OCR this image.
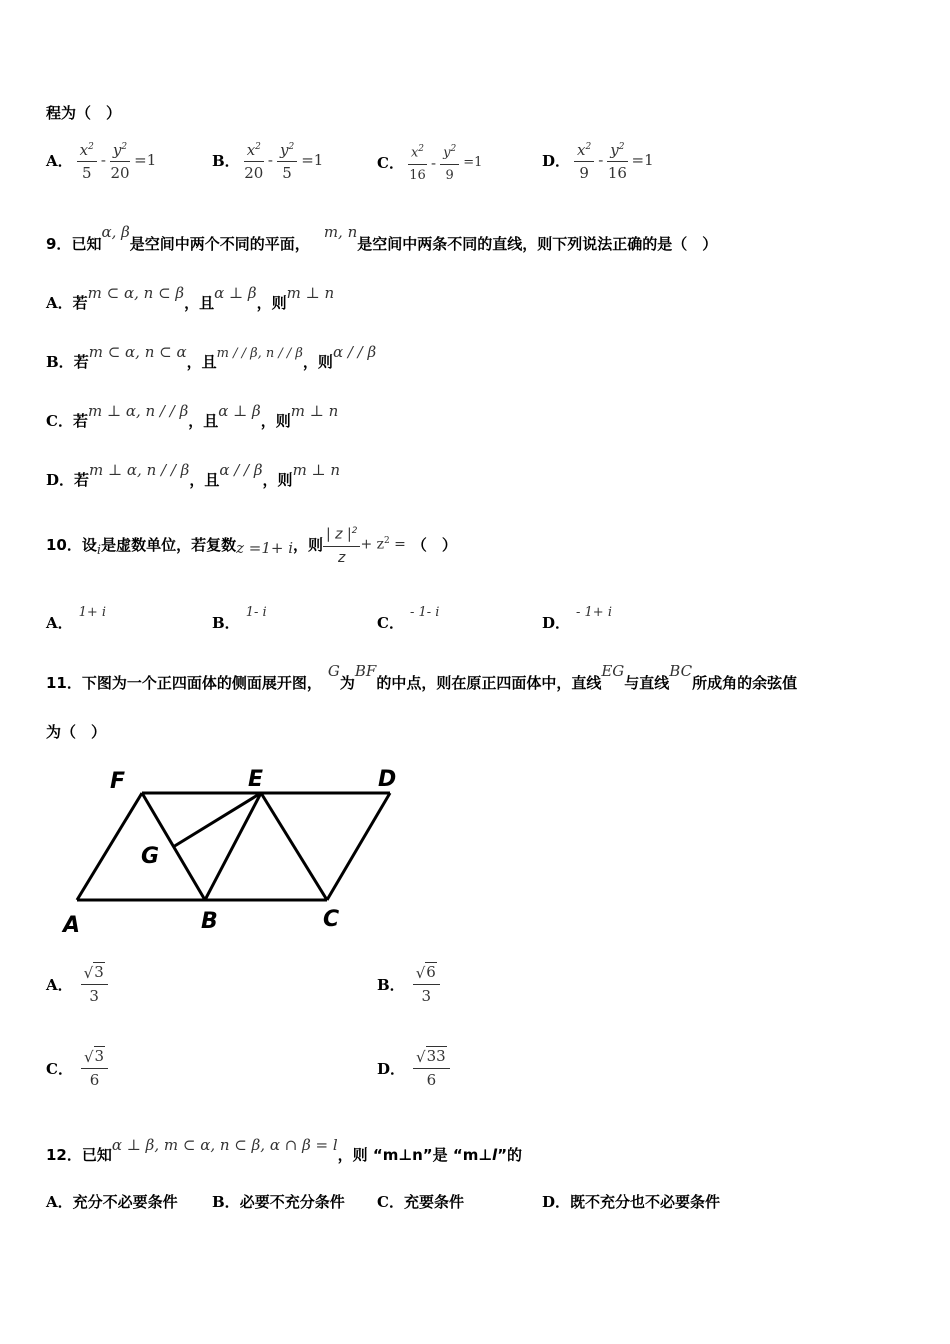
程为（　）
A． $\frac{x^2}{5} - \frac{y^2}{20} =1$	B． $\frac{x^2}{20} - \frac{y^2}{5} =1$	C． $\frac{x^2}{16} - \frac{y^2}{9} =1$	D． $\frac{x^2}{9} - \frac{y^2}{16} =1$
9．已知α, β是空间中两个不同的平面，m, n是空间中两条不同的直线，则下列说法正确的是（　）
A．若m ⊂ α, n ⊂ β，且α ⊥ β，则m ⊥ n
B．若m ⊂ α, n ⊂ α，且m / / β, n / / β，则α / / β
C．若m ⊥ α, n / / β，且α ⊥ β，则m ⊥ n
D．若m ⊥ α, n / / β，且α / / β，则m ⊥ n
10． 设 i 是虚数单位，若复数 z =1+ i ，则 $\frac{| z |^2}{z} + z^2$ = （　）
A．1+ i
B．1- i
C．- 1- i
D．- 1+ i
11．下图为一个正四面体的侧面展开图，G为BF的中点，则在原正四面体中，直线EG与直线BC所成角的余弦值
为（　）
F	E	D
G
A	B	C
A． $\frac{√ 3}{3}$	B． $\frac{√ 6}{3}$
C． $\frac{√ 3}{6}$	D． $\frac{√ 33}{6}$
12．已知α ⊥ β, m ⊂ α, n ⊂ β, α ∩ β = l，则 “m⊥n”是 “m⊥l”的
A．充分不必要条件 B．必要不充分条件 C．充要条件	D．既不充分也不必要条件
